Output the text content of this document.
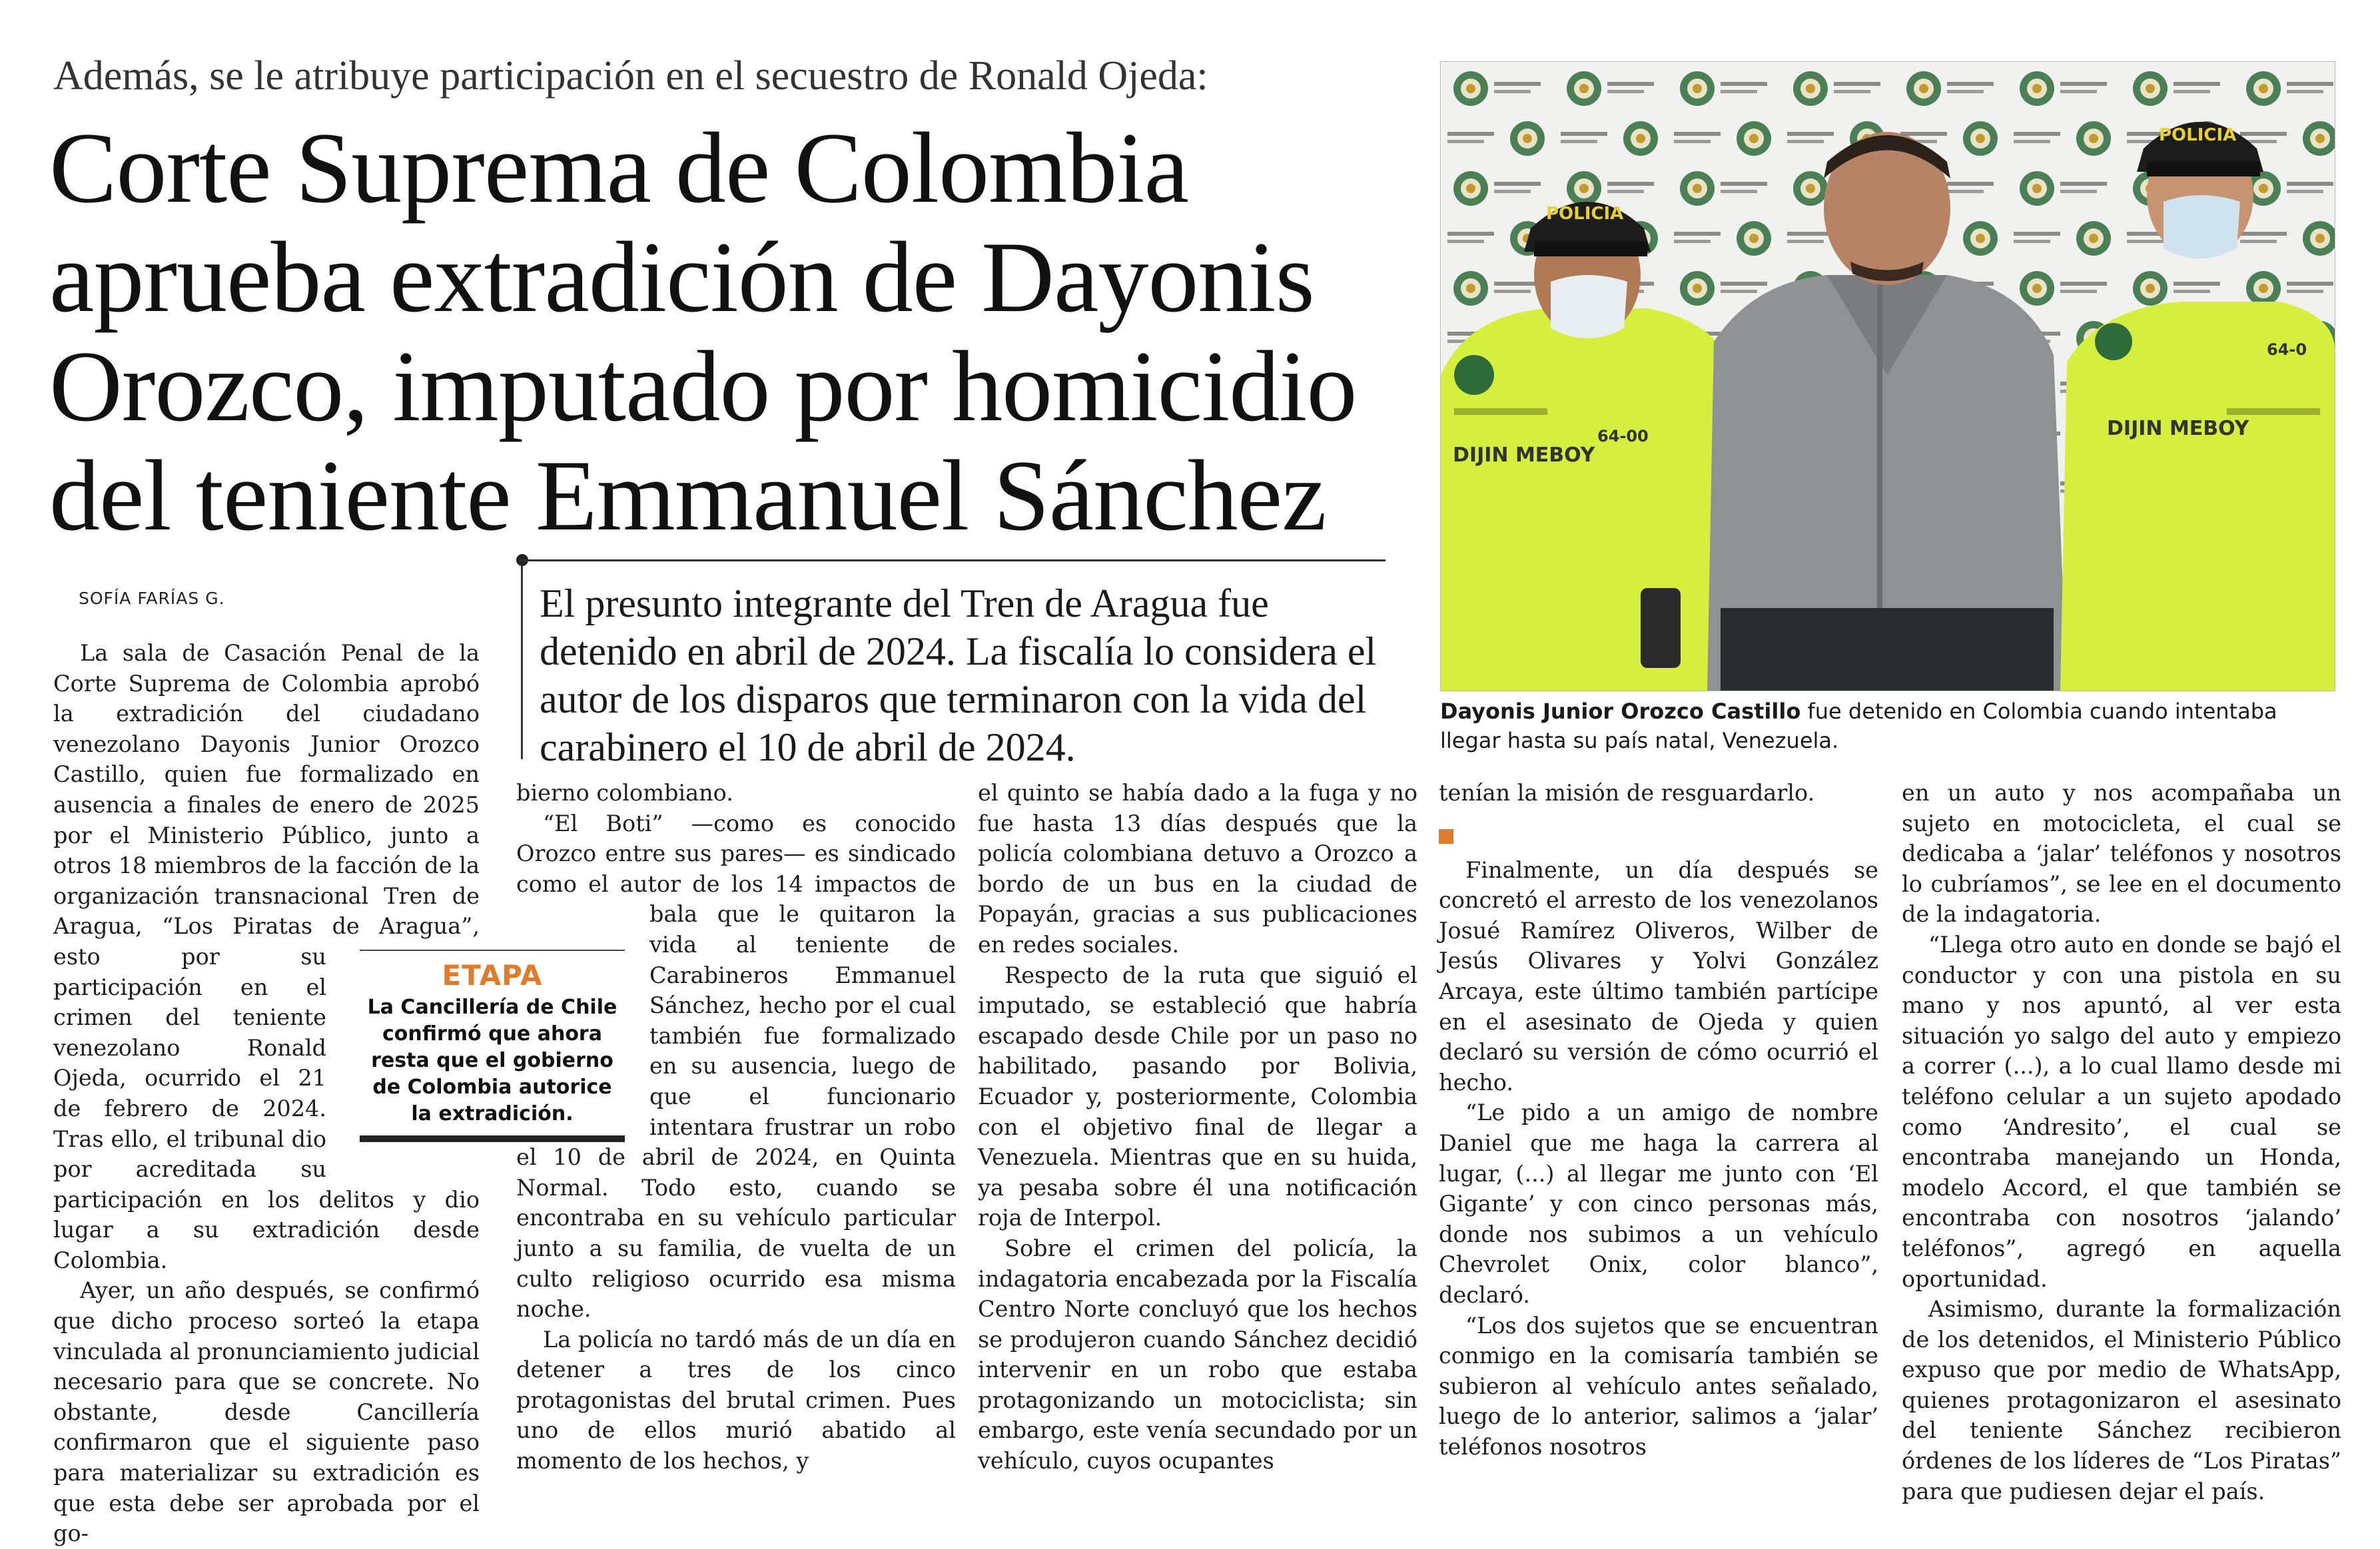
Además, se le atribuye participación en el secuestro de Ronald Ojeda:
Corte Suprema de Colombia aprueba extradición de Dayonis Orozco, imputado por homicidio del teniente Emmanuel Sánchez
SOFÍA FARÍAS G.	El presunto integrante del Tren de Aragua fue detenido en abril de 2024. La fiscalía lo considera el autor de los disparos que terminaron con la vida del carabinero el 10 de abril de 2024.
DIJIN MEBOY
64-00
POLICIA
DIJIN MEBOY
64-0
POLICIA
Dayonis Junior Orozco Castillo fue detenido en Colombia cuando intentaba llegar hasta su país natal, Venezuela.
ETAPA
La Cancillería de Chile confirmó que ahora resta que el gobierno de Colombia autorice la extradición.

La sala de Casación Penal de la Corte Suprema de Colombia aprobó la extradición del ciudadano venezolano Dayonis Junior Orozco Castillo, quien fue formalizado en ausencia a finales de enero de 2025 por el Ministerio Público, junto a otros 18 miembros de la facción de la organización transnacional Tren de Aragua, “Los Piratas de Aragua”, esto por su participación en el crimen del teniente venezolano Ronald Ojeda, ocurrido el 21 de febrero de 2024. Tras ello, el tribunal dio por acreditada su participación en los delitos y dio lugar a su extradición desde Colombia.

Ayer, un año después, se confirmó que dicho proceso sorteó la etapa vinculada al pronunciamiento judicial necesario para que se concrete. No obstante, desde Cancillería confirmaron que el siguiente paso para materializar su extradición es que esta debe ser aprobada por el go-

bierno colombiano.

“El Boti” —como es conocido Orozco entre sus pares— es sindicado como el autor de los 14 impactos de bala que le quitaron la vida al teniente de Carabineros Emmanuel Sánchez, hecho por el cual también fue formalizado en su ausencia, luego de que el funcionario intentara frustrar un robo el 10 de abril de 2024, en Quinta Normal. Todo esto, cuando se encontraba en su vehículo particular junto a su familia, de vuelta de un culto religioso ocurrido esa misma noche.

La policía no tardó más de un día en detener a tres de los cinco protagonistas del brutal crimen. Pues uno de ellos murió abatido al momento de los hechos, y

el quinto se había dado a la fuga y no fue hasta 13 días después que la policía colombiana detuvo a Orozco a bordo de un bus en la ciudad de Popayán, gracias a sus publicaciones en redes sociales.

Respecto de la ruta que siguió el imputado, se estableció que habría escapado desde Chile por un paso no habilitado, pasando por Bolivia, Ecuador y, posteriormente, Colombia con el objetivo final de llegar a Venezuela. Mientras que en su huida, ya pesaba sobre él una notificación roja de Interpol.

Sobre el crimen del policía, la indagatoria encabezada por la Fiscalía Centro Norte concluyó que los hechos se produjeron cuando Sánchez decidió intervenir en un robo que estaba protagonizando un motociclista; sin embargo, este venía secundado por un vehículo, cuyos ocupantes

tenían la misión de resguardarlo.

Finalmente, un día después se concretó el arresto de los venezolanos Josué Ramírez Oliveros, Wilber de Jesús Olivares y Yolvi González Arcaya, este último también partícipe en el asesinato de Ojeda y quien declaró su versión de cómo ocurrió el hecho.

“Le pido a un amigo de nombre Daniel que me haga la carrera al lugar, (...) al llegar me junto con ‘El Gigante’ y con cinco personas más, donde nos subimos a un vehículo Chevrolet Onix, color blanco”, declaró.

“Los dos sujetos que se encuentran conmigo en la comisaría también se subieron al vehículo antes señalado, luego de lo anterior, salimos a ‘jalar’ teléfonos nosotros

en un auto y nos acompañaba un sujeto en motocicleta, el cual se dedicaba a ‘jalar’ teléfonos y nosotros lo cubríamos”, se lee en el documento de la indagatoria.

“Llega otro auto en donde se bajó el conductor y con una pistola en su mano y nos apuntó, al ver esta situación yo salgo del auto y empiezo a correr (...), a lo cual llamo desde mi teléfono celular a un sujeto apodado como ‘Andresito’, el cual se encontraba manejando un Honda, modelo Accord, el que también se encontraba con nosotros ‘jalando’ teléfonos”, agregó en aquella oportunidad.

Asimismo, durante la formalización de los detenidos, el Ministerio Público expuso que por medio de WhatsApp, quienes protagonizaron el asesinato del teniente Sánchez recibieron órdenes de los líderes de “Los Piratas” para que pudiesen dejar el país.
